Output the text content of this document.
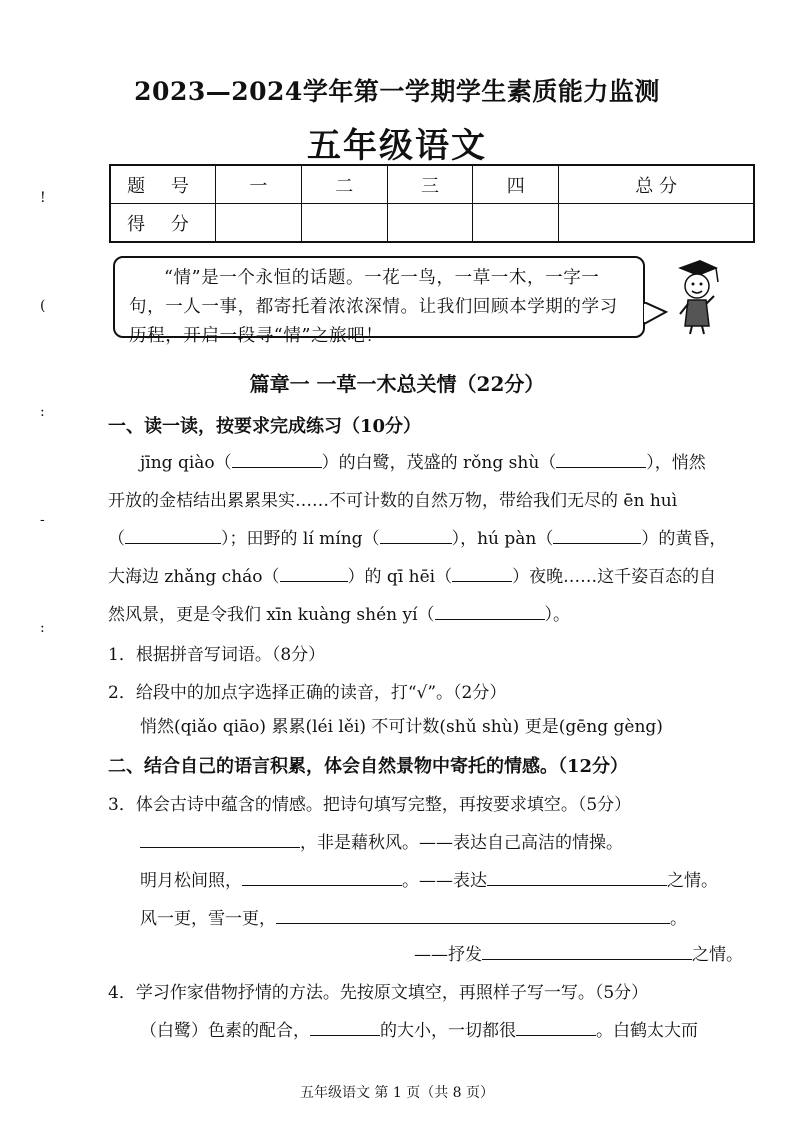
2023—2024学年第一学期学生素质能力监测
五年级语文
!
(
:
-
:
题 号	一	二	三	四	总 分
得 分					

“情”是一个永恒的话题。一花一鸟，一草一木，一字一句，一人一事，都寄托着浓浓深情。让我们回顾本学期的学习历程，开启一段寻“情”之旅吧！

篇章一 一草一木总关情（22分）
一、读一读，按要求完成练习（10分）
jīng qiào（	）的白鹭，茂盛的 rǒng shù（	），悄然
开放的金桔结出累累果实……不可计数的自然万物，带给我们无尽的 ēn huì
（	）；田野的 lí míng（	），hú pàn（	）的黄昏，
大海边 zhǎng cháo（	）的 qī hēi（	）夜晚……这千姿百态的自
然风景，更是令我们 xīn kuàng shén yí（	）。
1．根据拼音写词语。（8分）
2．给段中的加点字选择正确的读音，打“√”。（2分）
悄然(qiǎo qiāo) 累累(léi lěi) 不可计数(shǔ shù) 更是(gēng gèng)
二、结合自己的语言积累，体会自然景物中寄托的情感。（12分）
3．体会古诗中蕴含的情感。把诗句填写完整，再按要求填空。（5分）
，非是藉秋风。——表达自己高洁的情操。
明月松间照，	。——表达	之情。
风一更，雪一更，	。
——抒发	之情。
4．学习作家借物抒情的方法。先按原文填空，再照样子写一写。（5分）
（白鹭）色素的配合，	的大小，一切都很	。白鹤太大而
五年级语文 第 1 页（共 8 页）
